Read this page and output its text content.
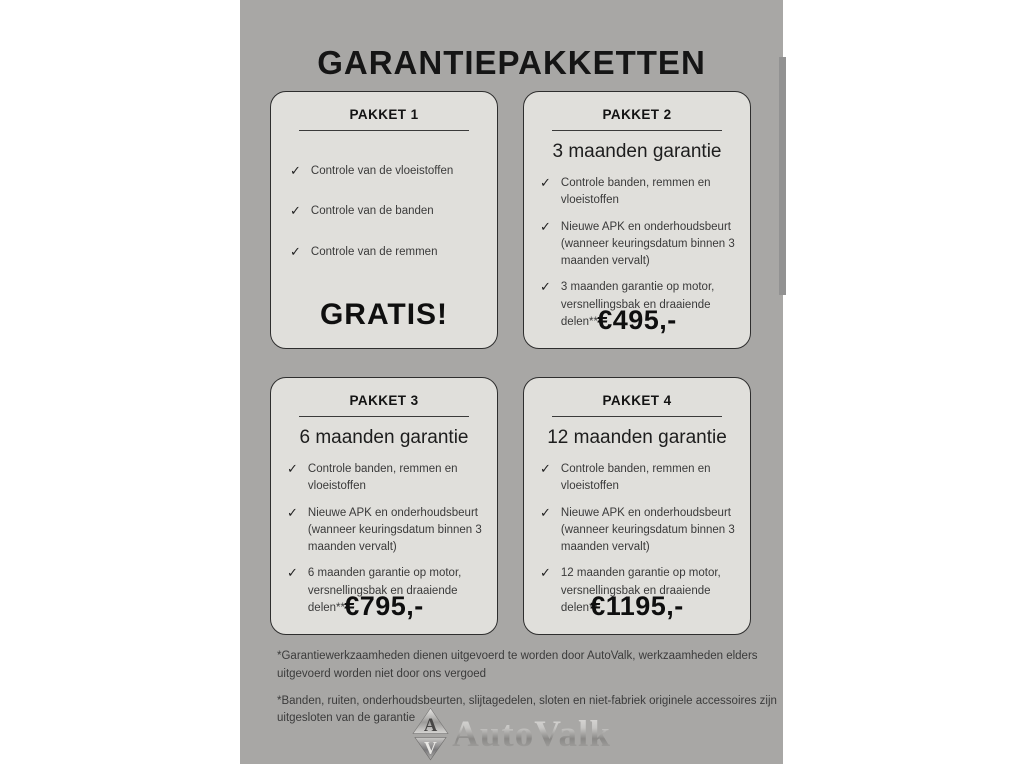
GARANTIEPAKKETTEN
PAKKET 1
✓ Controle van de vloeistoffen
✓ Controle van de banden
✓ Controle van de remmen
GRATIS!
PAKKET 2
3 maanden garantie
✓ Controle banden, remmen en vloeistoffen
✓ Nieuwe APK en onderhoudsbeurt (wanneer keuringsdatum binnen 3 maanden vervalt)
✓ 3 maanden garantie op motor, versnellingsbak en draaiende delen** €495,-
PAKKET 3
6 maanden garantie
✓ Controle banden, remmen en vloeistoffen
✓ Nieuwe APK en onderhoudsbeurt (wanneer keuringsdatum binnen 3 maanden vervalt)
✓ 6 maanden garantie op motor, versnellingsbak en draaiende delen** €795,-
PAKKET 4
12 maanden garantie
✓ Controle banden, remmen en vloeistoffen
✓ Nieuwe APK en onderhoudsbeurt (wanneer keuringsdatum binnen 3 maanden vervalt)
✓ 12 maanden garantie op motor, versnellingsbak en draaiende delen**
€1195,-

*Garantiewerkzaamheden dienen uitgevoerd te worden door AutoValk, werkzaamheden elders uitgevoerd worden niet door ons vergoed

*Banden, ruiten, onderhoudsbeurten, slijtagedelen, sloten en niet-fabriek originele accessoires zijn uitgesloten van de garantie A
V AutoValk
